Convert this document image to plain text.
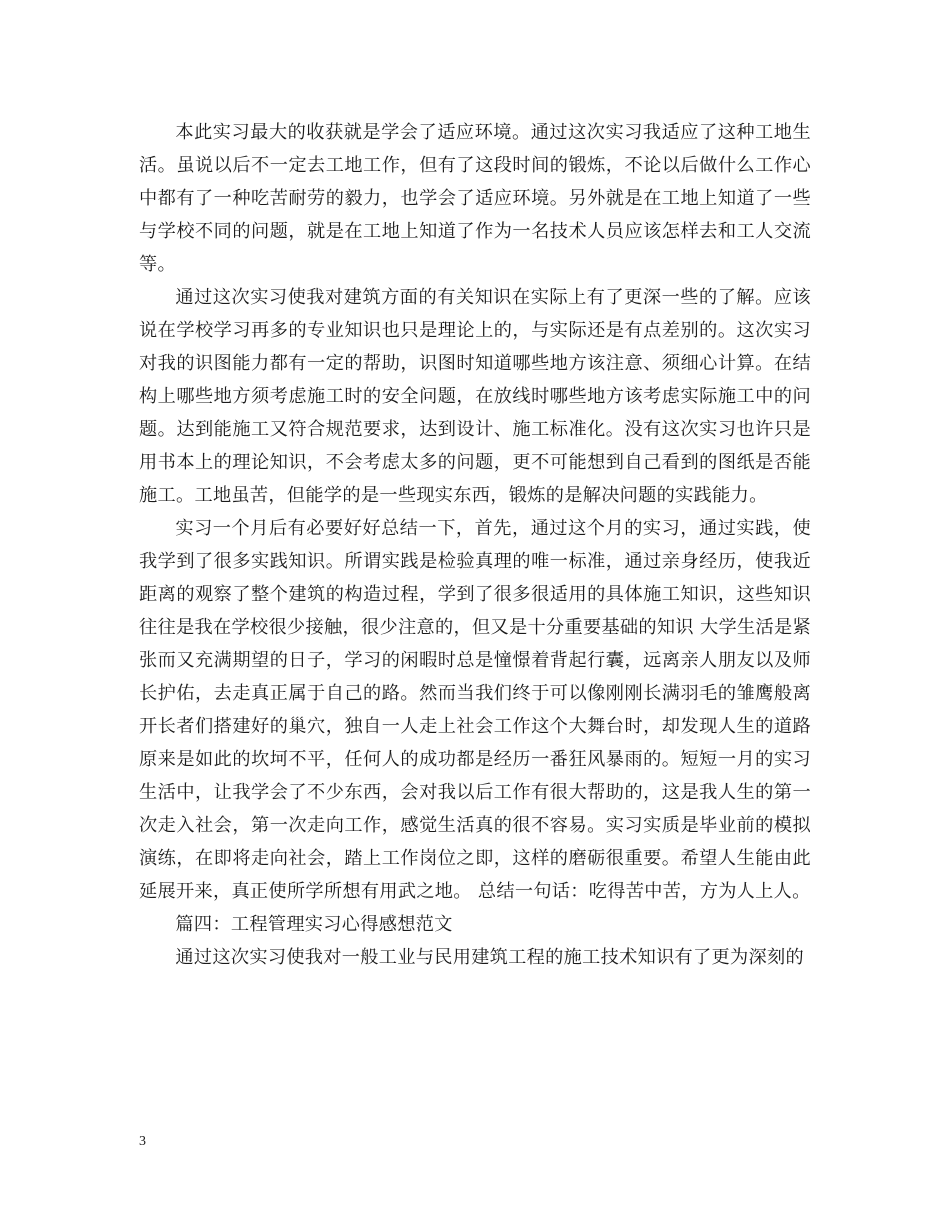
本此实习最大的收获就是学会了适应环境。通过这次实习我适应了这种工地生活。虽说以后不一定去工地工作，但有了这段时间的锻炼，不论以后做什么工作心中都有了一种吃苦耐劳的毅力，也学会了适应环境。另外就是在工地上知道了一些与学校不同的问题，就是在工地上知道了作为一名技术人员应该怎样去和工人交流等。

通过这次实习使我对建筑方面的有关知识在实际上有了更深一些的了解。应该说在学校学习再多的专业知识也只是理论上的，与实际还是有点差别的。这次实习对我的识图能力都有一定的帮助，识图时知道哪些地方该注意、须细心计算。在结构上哪些地方须考虑施工时的安全问题，在放线时哪些地方该考虑实际施工中的问题。达到能施工又符合规范要求，达到设计、施工标准化。没有这次实习也许只是用书本上的理论知识，不会考虑太多的问题，更不可能想到自己看到的图纸是否能施工。工地虽苦，但能学的是一些现实东西，锻炼的是解决问题的实践能力。

实习一个月后有必要好好总结一下，首先，通过这个月的实习，通过实践，使我学到了很多实践知识。所谓实践是检验真理的唯一标准，通过亲身经历，使我近距离的观察了整个建筑的构造过程，学到了很多很适用的具体施工知识，这些知识往往是我在学校很少接触，很少注意的，但又是十分重要基础的知识 大学生活是紧张而又充满期望的日子，学习的闲暇时总是憧憬着背起行囊，远离亲人朋友以及师长护佑，去走真正属于自己的路。然而当我们终于可以像刚刚长满羽毛的雏鹰般离开长者们搭建好的巢穴，独自一人走上社会工作这个大舞台时，却发现人生的道路原来是如此的坎坷不平，任何人的成功都是经历一番狂风暴雨的。短短一月的实习生活中，让我学会了不少东西，会对我以后工作有很大帮助的，这是我人生的第一次走入社会，第一次走向工作，感觉生活真的很不容易。实习实质是毕业前的模拟演练，在即将走向社会，踏上工作岗位之即，这样的磨砺很重要。希望人生能由此延展开来，真正使所学所想有用武之地。 总结一句话：吃得苦中苦，方为人上人。

篇四：工程管理实习心得感想范文

通过这次实习使我对一般工业与民用建筑工程的施工技术知识有了更为深刻的

3
